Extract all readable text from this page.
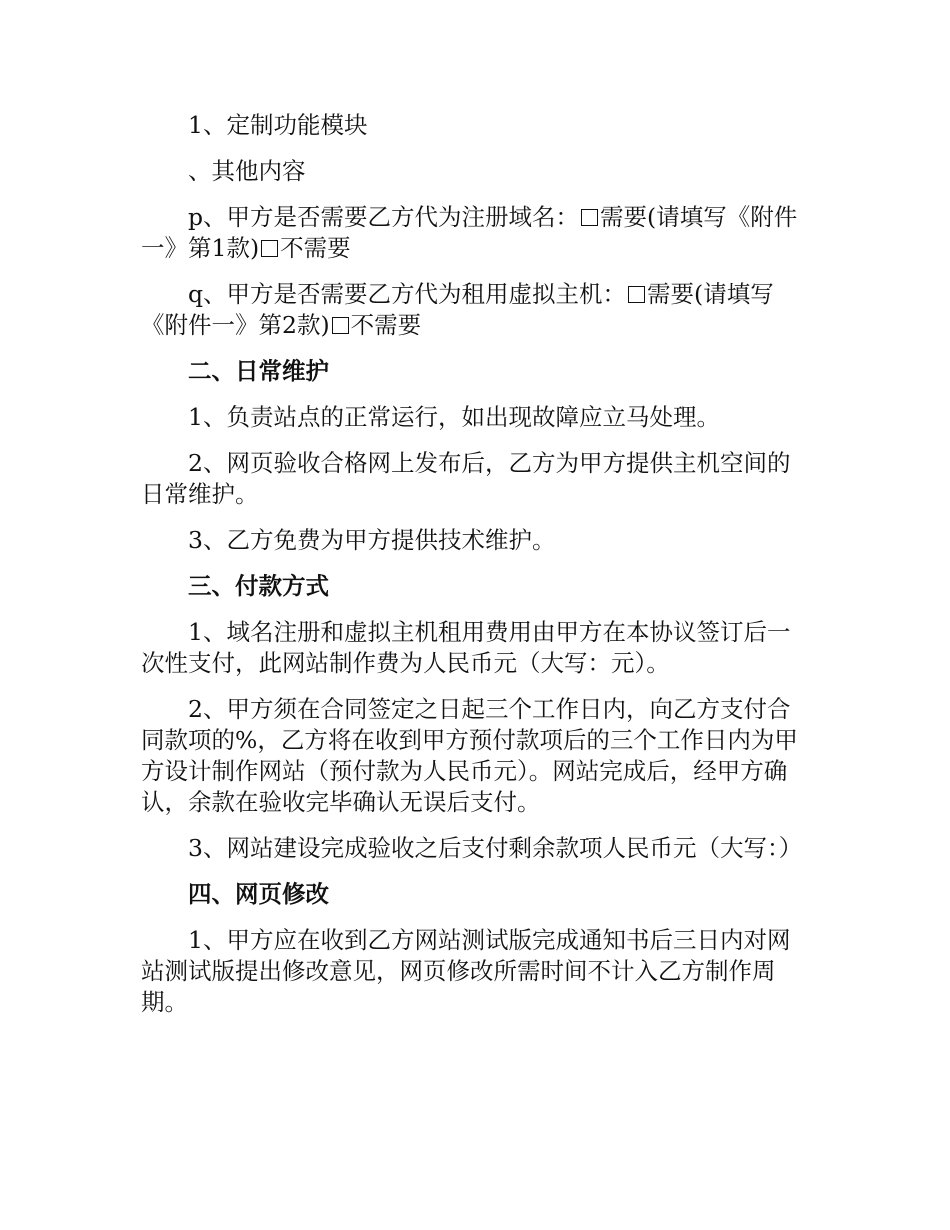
1、定制功能模块

、其他内容

p、甲方是否需要乙方代为注册域名： 需要(请填写《附件一》第1款) 不需要

q、甲方是否需要乙方代为租用虚拟主机： 需要(请填写《附件一》第2款) 不需要

二、日常维护

1、负责站点的正常运行，如出现故障应立马处理。

2、网页验收合格网上发布后，乙方为甲方提供主机空间的日常维护。

3、乙方免费为甲方提供技术维护。

三、付款方式

1、域名注册和虚拟主机租用费用由甲方在本协议签订后一次性支付，此网站制作费为人民币元（大写：元）。

2、甲方须在合同签定之日起三个工作日内，向乙方支付合同款项的%，乙方将在收到甲方预付款项后的三个工作日内为甲方设计制作网站（预付款为人民币元）。网站完成后，经甲方确认，余款在验收完毕确认无误后支付。

3、网站建设完成验收之后支付剩余款项人民币元（大写：）

四、网页修改

1、甲方应在收到乙方网站测试版完成通知书后三日内对网站测试版提出修改意见，网页修改所需时间不计入乙方制作周期。
